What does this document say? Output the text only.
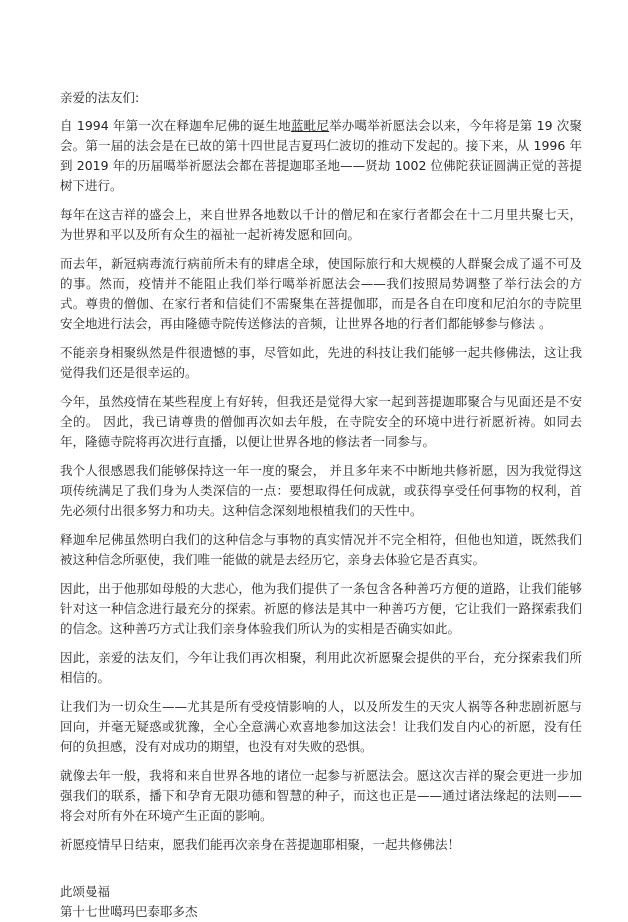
亲爱的法友们:
自 1994 年第一次在释迦牟尼佛的诞生地蓝毗尼举办噶举祈愿法会以来，今年将是第 19 次聚会。第一届的法会是在已故的第十四世昆吉夏玛仁波切的推动下发起的。接下来，从 1996 年到 2019 年的历届噶举祈愿法会都在菩提迦耶圣地——贤劫 1002 位佛陀获证圆满正觉的菩提树下进行。
每年在这吉祥的盛会上，来自世界各地数以千计的僧尼和在家行者都会在十二月里共聚七天，为世界和平以及所有众生的福祉一起祈祷发愿和回向。
而去年，新冠病毒流行病前所未有的肆虐全球，使国际旅行和大规模的人群聚会成了遥不可及的事。然而，疫情并不能阻止我们举行噶举祈愿法会——我们按照局势调整了举行法会的方式。尊贵的僧伽、在家行者和信徒们不需聚集在菩提伽耶，而是各自在印度和尼泊尔的寺院里安全地进行法会，再由隆德寺院传送修法的音频，让世界各地的行者们都能够参与修法 。
不能亲身相聚纵然是件很遗憾的事，尽管如此，先进的科技让我们能够一起共修佛法，这让我觉得我们还是很幸运的。
今年，虽然疫情在某些程度上有好转，但我还是觉得大家一起到菩提迦耶聚合与见面还是不安全的。 因此，我已请尊贵的僧伽再次如去年般，在寺院安全的环境中进行祈愿祈祷。如同去年，隆德寺院将再次进行直播，以便让世界各地的修法者一同参与。
我个人很感恩我们能够保持这一年一度的聚会， 并且多年来不中断地共修祈愿，因为我觉得这项传统满足了我们身为人类深信的一点：要想取得任何成就，或获得享受任何事物的权利，首先必须付出很多努力和功夫。这种信念深刻地根植我们的天性中。
释迦牟尼佛虽然明白我们的这种信念与事物的真实情况并不完全相符，但他也知道，既然我们被这种信念所驱使，我们唯一能做的就是去经历它，亲身去体验它是否真实。
因此，出于他那如母般的大悲心，他为我们提供了一条包含各种善巧方便的道路，让我们能够针对这一种信念进行最充分的探索。祈愿的修法是其中一种善巧方便，它让我们一路探索我们的信念。这种善巧方式让我们亲身体验我们所认为的实相是否确实如此。
因此，亲爱的法友们，今年让我们再次相聚，利用此次祈愿聚会提供的平台，充分探索我们所相信的。
让我们为一切众生——尤其是所有受疫情影响的人，以及所发生的天灾人祸等各种悲剧祈愿与回向，并毫无疑惑或犹豫，全心全意满心欢喜地参加这法会！让我们发自内心的祈愿，没有任何的负担感，没有对成功的期望，也没有对失败的恐惧。
就像去年一般，我将和来自世界各地的诸位一起参与祈愿法会。愿这次吉祥的聚会更进一步加强我们的联系，播下和孕育无限功德和智慧的种子，而这也正是——通过诸法缘起的法则——将会对所有外在环境产生正面的影响。
祈愿疫情早日结束，愿我们能再次亲身在菩提迦耶相聚，一起共修佛法！
此颂曼福
第十七世噶玛巴泰耶多杰
